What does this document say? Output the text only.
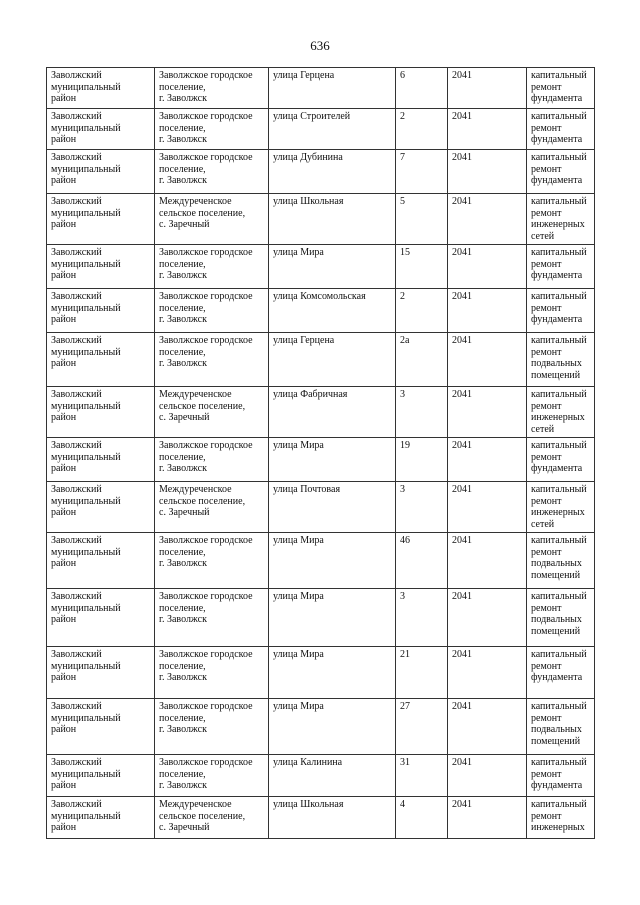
636
Заволжский
муниципальный
район	Заволжское городское
поселение,
г. Заволжск	улица Герцена	6	2041	капитальный
ремонт
фундамента
Заволжский
муниципальный
район	Заволжское городское
поселение,
г. Заволжск	улица Строителей	2	2041	капитальный
ремонт
фундамента
Заволжский
муниципальный
район	Заволжское городское
поселение,
г. Заволжск	улица Дубинина	7	2041	капитальный
ремонт
фундамента
Заволжский
муниципальный
район	Междуреченское
сельское поселение,
с. Заречный	улица Школьная	5	2041	капитальный
ремонт
инженерных
сетей
Заволжский
муниципальный
район	Заволжское городское
поселение,
г. Заволжск	улица Мира	15	2041	капитальный
ремонт
фундамента
Заволжский
муниципальный
район	Заволжское городское
поселение,
г. Заволжск	улица Комсомольская	2	2041	капитальный
ремонт
фундамента
Заволжский
муниципальный
район	Заволжское городское
поселение,
г. Заволжск	улица Герцена	2а	2041	капитальный
ремонт
подвальных
помещений
Заволжский
муниципальный
район	Междуреченское
сельское поселение,
с. Заречный	улица Фабричная	3	2041	капитальный
ремонт
инженерных
сетей
Заволжский
муниципальный
район	Заволжское городское
поселение,
г. Заволжск	улица Мира	19	2041	капитальный
ремонт
фундамента
Заволжский
муниципальный
район	Междуреченское
сельское поселение,
с. Заречный	улица Почтовая	3	2041	капитальный
ремонт
инженерных
сетей
Заволжский
муниципальный
район	Заволжское городское
поселение,
г. Заволжск	улица Мира	46	2041	капитальный
ремонт
подвальных
помещений
Заволжский
муниципальный
район	Заволжское городское
поселение,
г. Заволжск	улица Мира	3	2041	капитальный
ремонт
подвальных
помещений
Заволжский
муниципальный
район	Заволжское городское
поселение,
г. Заволжск	улица Мира	21	2041	капитальный
ремонт
фундамента
Заволжский
муниципальный
район	Заволжское городское
поселение,
г. Заволжск	улица Мира	27	2041	капитальный
ремонт
подвальных
помещений
Заволжский
муниципальный
район	Заволжское городское
поселение,
г. Заволжск	улица Калинина	31	2041	капитальный
ремонт
фундамента
Заволжский
муниципальный
район	Междуреченское
сельское поселение,
с. Заречный	улица Школьная	4	2041	капитальный
ремонт
инженерных
